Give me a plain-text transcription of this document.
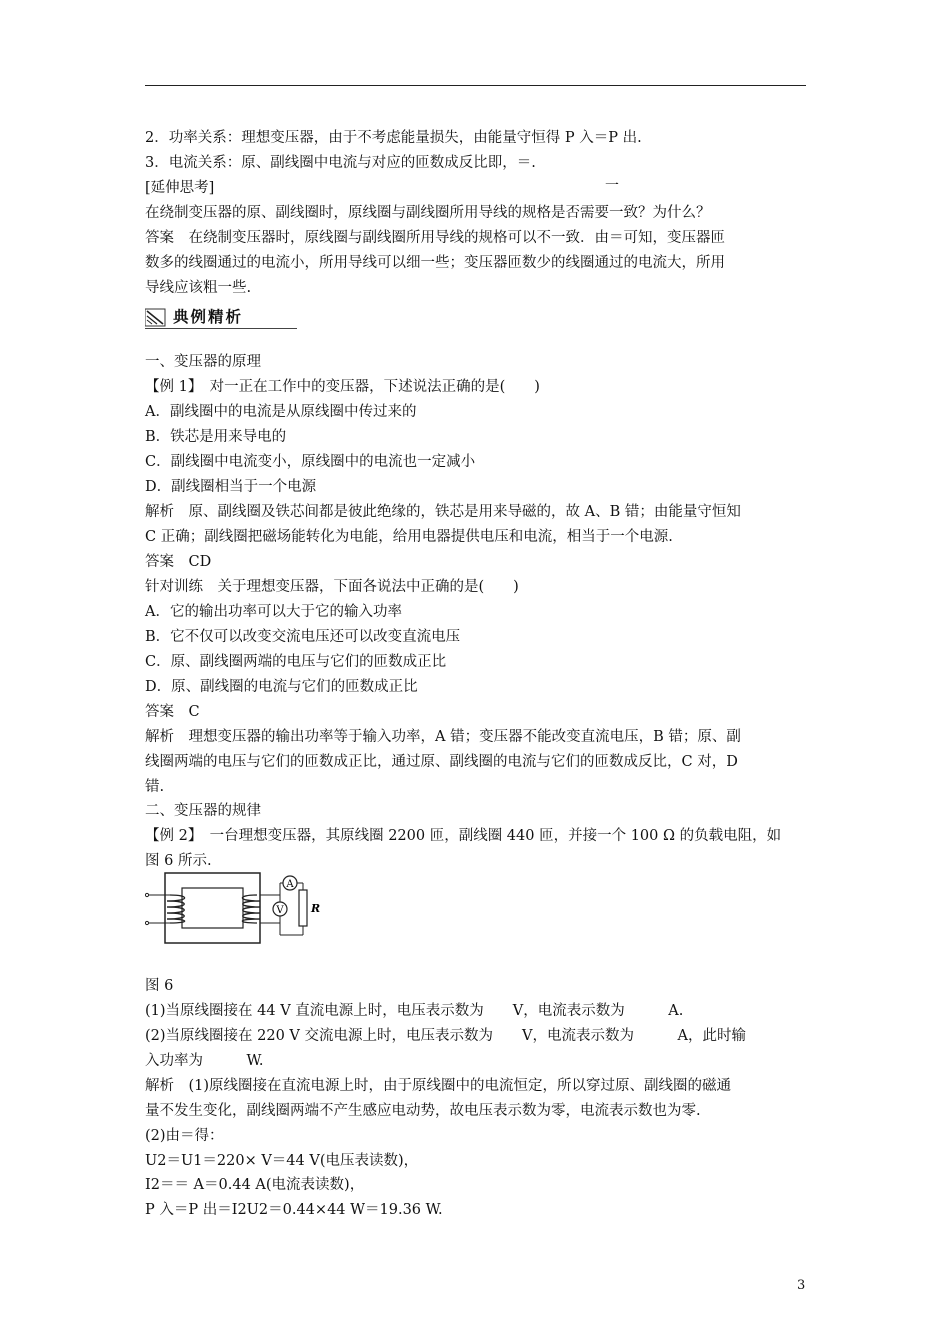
2．功率关系：理想变压器，由于不考虑能量损失，由能量守恒得 P 入＝P 出.
3．电流关系：原、副线圈中电流与对应的匝数成反比即，＝.
[延伸思考]
在绕制变压器的原、副线圈时，原线圈与副线圈所用导线的规格是否需要一致？为什么？
答案　在绕制变压器时，原线圈与副线圈所用导线的规格可以不一致．由＝可知，变压器匝
数多的线圈通过的电流小，所用导线可以细一些；变压器匝数少的线圈通过的电流大，所用
导线应该粗一些.
一、变压器的原理
【例 1】　对一正在工作中的变压器，下述说法正确的是(　　)
A．副线圈中的电流是从原线圈中传过来的
B．铁芯是用来导电的
C．副线圈中电流变小，原线圈中的电流也一定减小
D．副线圈相当于一个电源
解析　原、副线圈及铁芯间都是彼此绝缘的，铁芯是用来导磁的，故 A、B 错；由能量守恒知
C 正确；副线圈把磁场能转化为电能，给用电器提供电压和电流，相当于一个电源.
答案　CD
针对训练　关于理想变压器，下面各说法中正确的是(　　)
A．它的输出功率可以大于它的输入功率
B．它不仅可以改变交流电压还可以改变直流电压
C．原、副线圈两端的电压与它们的匝数成正比
D．原、副线圈的电流与它们的匝数成正比
答案　C
解析　理想变压器的输出功率等于输入功率，A 错；变压器不能改变直流电压，B 错；原、副
线圈两端的电压与它们的匝数成正比，通过原、副线圈的电流与它们的匝数成反比，C 对，D
错.
二、变压器的规律
【例 2】　一台理想变压器，其原线圈 2200 匝，副线圈 440 匝，并接一个 100 Ω 的负载电阻，如
图 6 所示.
图 6
(1)当原线圈接在 44 V 直流电源上时，电压表示数为　　V，电流表示数为　　　A.
(2)当原线圈接在 220 V 交流电源上时，电压表示数为　　V，电流表示数为　　　A，此时输
入功率为　　　W.
解析　(1)原线圈接在直流电源上时，由于原线圈中的电流恒定，所以穿过原、副线圈的磁通
量不发生变化，副线圈两端不产生感应电动势，故电压表示数为零，电流表示数也为零.
(2)由＝得：
U2＝U1＝220× V＝44 V(电压表读数)，
I2＝＝ A＝0.44 A(电流表读数)，
P 入＝P 出＝I2U2＝0.44×44 W＝19.36 W.
一
典例精析
A
V R
3
